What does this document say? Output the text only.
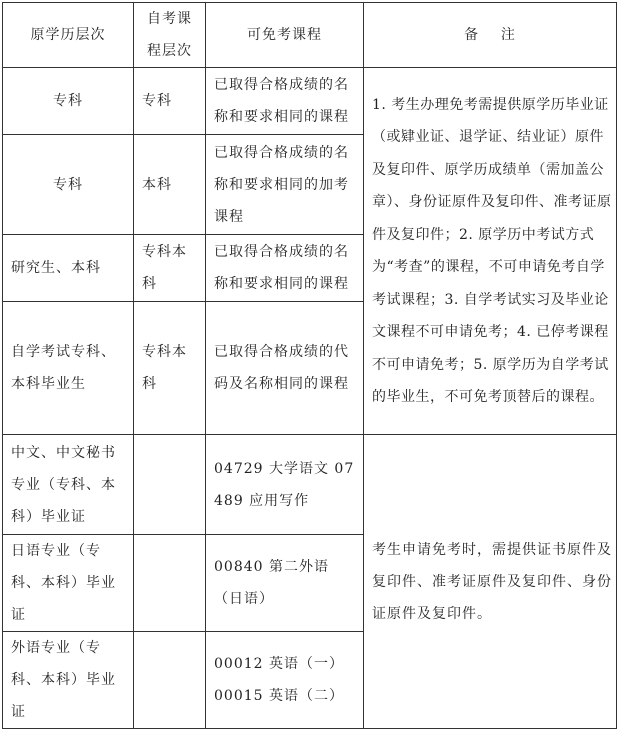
原学历层次	自考课程层次	可免考课程	备    注
专科	专科	已取得合格成绩的名称和要求相同的课程	1. 考生办理免考需提供原学历毕业证（或肄业证、退学证、结业证）原件及复印件、原学历成绩单（需加盖公章）、身份证原件及复印件、准考证原件及复印件；2. 原学历中考试方式为“考查”的课程，不可申请免考自学考试课程；3. 自学考试实习及毕业论文课程不可申请免考；4. 已停考课程不可申请免考；5. 原学历为自学考试的毕业生，不可免考顶替后的课程。

专科	本科	已取得合格成绩的名称和要求相同的加考课程	

研究生、本科	专科本科	已取得合格成绩的名称和要求相同的课程	

自学考试专科、本科毕业生	专科本科	已取得合格成绩的代码及名称相同的课程	

中文、中文秘书专业（专科、本科）毕业证		04729 大学语文 07489 应用写作	考生申请免考时，需提供证书原件及复印件、准考证原件及复印件、身份证原件及复印件。

日语专业（专科、本科）毕业证		00840 第二外语（日语）	

外语专业（专科、本科）毕业证		00012 英语（一） 00015 英语（二）	
